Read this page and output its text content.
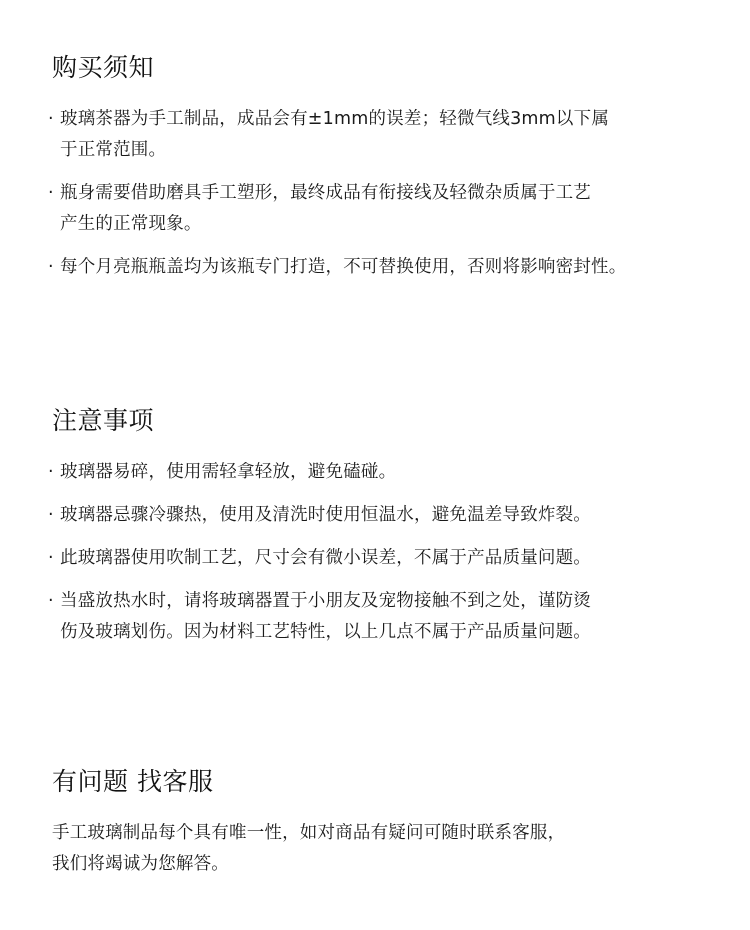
购买须知
· 玻璃茶器为手工制品，成品会有±1mm的误差；轻微气线3mm以下属
于正常范围。
· 瓶身需要借助磨具手工塑形，最终成品有衔接线及轻微杂质属于工艺
产生的正常现象。
· 每个月亮瓶瓶盖均为该瓶专门打造，不可替换使用，否则将影响密封性。
注意事项
· 玻璃器易碎，使用需轻拿轻放，避免磕碰。
· 玻璃器忌骤冷骤热，使用及清洗时使用恒温水，避免温差导致炸裂。
· 此玻璃器使用吹制工艺，尺寸会有微小误差，不属于产品质量问题。
· 当盛放热水时，请将玻璃器置于小朋友及宠物接触不到之处，谨防烫
伤及玻璃划伤。因为材料工艺特性，以上几点不属于产品质量问题。
有问题 找客服

手工玻璃制品每个具有唯一性，如对商品有疑问可随时联系客服，
我们将竭诚为您解答。
